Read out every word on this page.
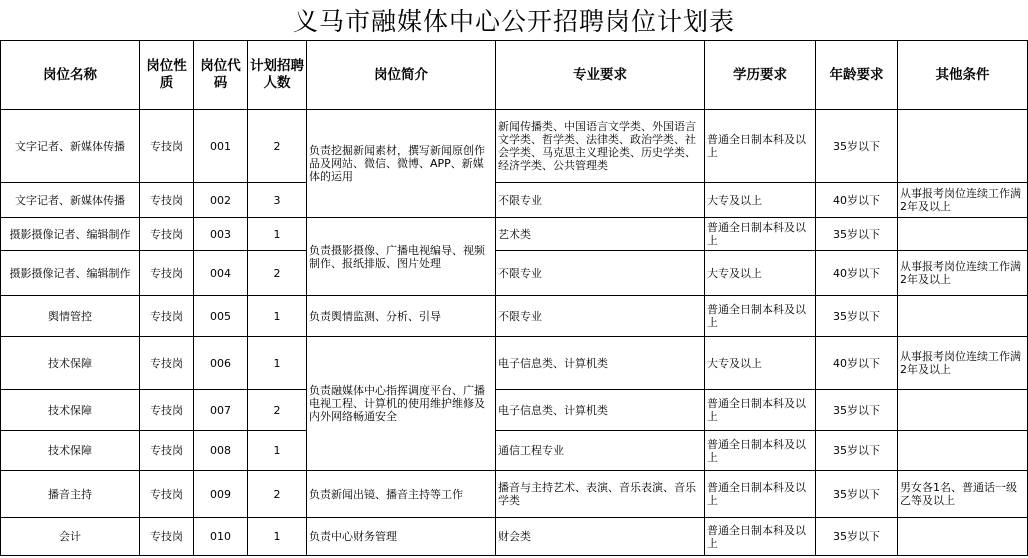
义马市融媒体中心公开招聘岗位计划表
岗位名称	岗位性质	岗位代码	计划招聘人数	岗位简介	专业要求	学历要求	年龄要求	其他条件
文字记者、新媒体传播	专技岗	001	2	负责挖掘新闻素材，撰写新闻原创作品及网站、微信、微博、APP、新媒体的运用	新闻传播类、中国语言文学类、外国语言文学类、哲学类、法律类、政治学类、社会学类、马克思主义理论类、历史学类、经济学类、公共管理类	普通全日制本科及以上	35岁以下	
文字记者、新媒体传播	专技岗	002	3		不限专业	大专及以上	40岁以下	从事报考岗位连续工作满2年及以上
摄影摄像记者、编辑制作	专技岗	003	1	负责摄影摄像、广播电视编导、视频制作、报纸排版、图片处理	艺术类	普通全日制本科及以上	35岁以下	
摄影摄像记者、编辑制作	专技岗	004	2		不限专业	大专及以上	40岁以下	从事报考岗位连续工作满2年及以上
舆情管控	专技岗	005	1	负责舆情监测、分析、引导	不限专业	普通全日制本科及以上	35岁以下	
技术保障	专技岗	006	1	负责融媒体中心指挥调度平台、广播电视工程、计算机的使用维护维修及内外网络畅通安全	电子信息类、计算机类	大专及以上	40岁以下	从事报考岗位连续工作满2年及以上
技术保障	专技岗	007	2		电子信息类、计算机类	普通全日制本科及以上	35岁以下	
技术保障	专技岗	008	1		通信工程专业	普通全日制本科及以上	35岁以下	
播音主持	专技岗	009	2	负责新闻出镜、播音主持等工作	播音与主持艺术、表演、音乐表演、音乐学类	普通全日制本科及以上	35岁以下	男女各1名、普通话一级乙等及以上
会计	专技岗	010	1	负责中心财务管理	财会类	普通全日制本科及以上	35岁以下	
